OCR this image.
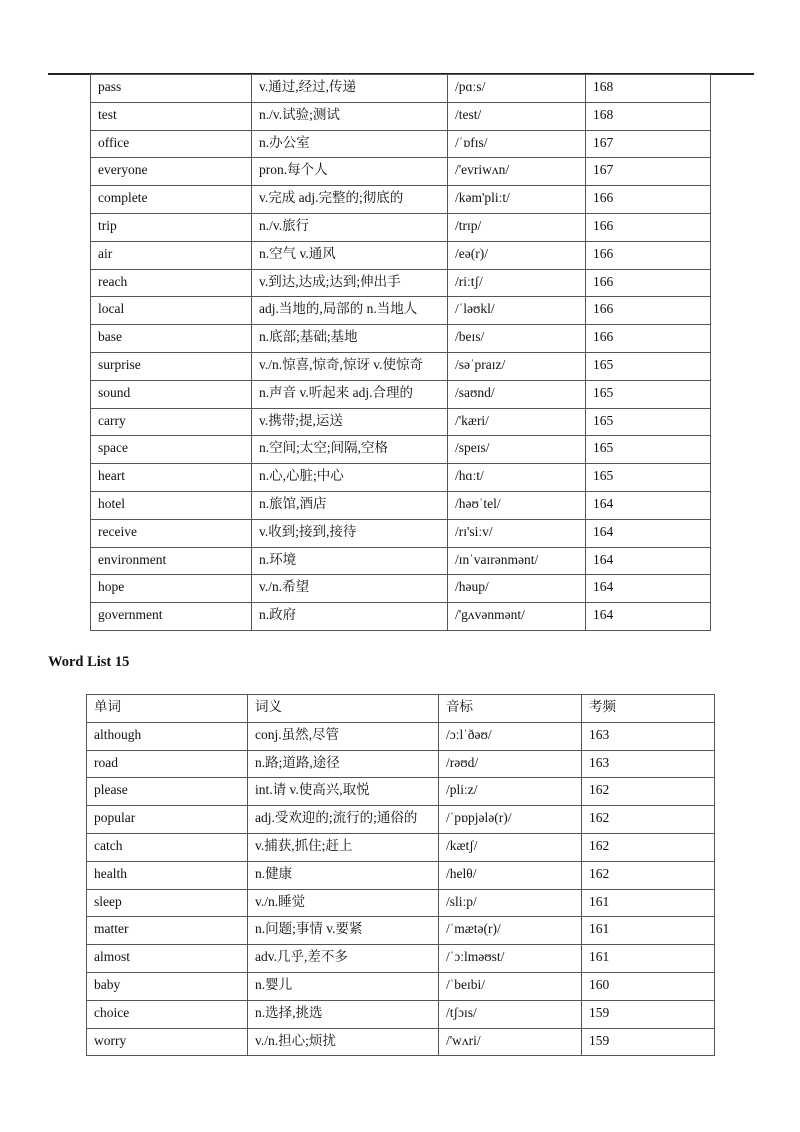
pass	v.通过,经过,传递	/pɑːs/	168
test	n./v.试验;测试	/test/	168
office	n.办公室	/ˈɒfɪs/	167
everyone	pron.每个人	/'evriwʌn/	167
complete	v.完成 adj.完整的;彻底的	/kəm'pliːt/	166
trip	n./v.旅行	/trɪp/	166
air	n.空气 v.通风	/eə(r)/	166
reach	v.到达,达成;达到;伸出手	/riːtʃ/	166
local	adj.当地的,局部的 n.当地人	/ˈləʊkl/	166
base	n.底部;基础;基地	/beɪs/	166
surprise	v./n.惊喜,惊奇,惊讶 v.使惊奇	/səˈpraɪz/	165
sound	n.声音 v.听起来 adj.合理的	/saʊnd/	165
carry	v.携带;提,运送	/'kæri/	165
space	n.空间;太空;间隔,空格	/speɪs/	165
heart	n.心,心脏;中心	/hɑːt/	165
hotel	n.旅馆,酒店	/həʊˈtel/	164
receive	v.收到;接到,接待	/rɪ'siːv/	164
environment	n.环境	/ɪnˈvaɪrənmənt/	164
hope	v./n.希望	/həup/	164
government	n.政府	/'gʌvənmənt/	164
Word List 15
单词	词义	音标	考频
although	conj.虽然,尽管	/ɔːlˈðəʊ/	163
road	n.路;道路,途径	/rəʊd/	163
please	int.请 v.使高兴,取悦	/pliːz/	162
popular	adj.受欢迎的;流行的;通俗的	/ˈpɒpjələ(r)/	162
catch	v.捕获,抓住;赶上	/kætʃ/	162
health	n.健康	/helθ/	162
sleep	v./n.睡觉	/sliːp/	161
matter	n.问题;事情 v.要紧	/ˈmætə(r)/	161
almost	adv.几乎,差不多	/ˈɔːlməʊst/	161
baby	n.婴儿	/ˈbeɪbi/	160
choice	n.选择,挑选	/tʃɔɪs/	159
worry	v./n.担心;烦扰	/'wʌri/	159
